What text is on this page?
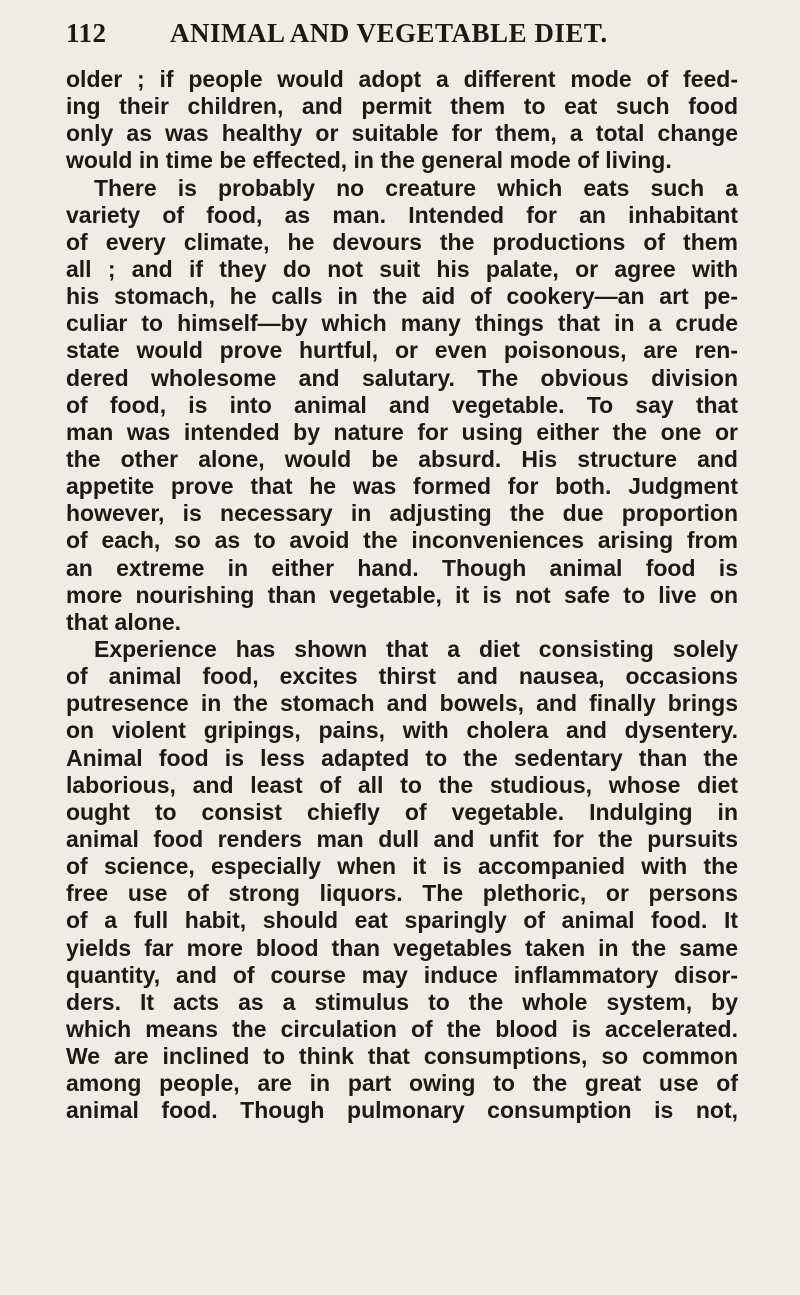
112 ANIMAL AND VEGETABLE DIET.
older ; if people would adopt a different mode of feed-
ing their children, and permit them to eat such food
only as was healthy or suitable for them, a total change
would in time be effected, in the general mode of living.
There is probably no creature which eats such a
variety of food, as man. Intended for an inhabitant
of every climate, he devours the productions of them
all ; and if they do not suit his palate, or agree with
his stomach, he calls in the aid of cookery—an art pe-
culiar to himself—by which many things that in a crude
state would prove hurtful, or even poisonous, are ren-
dered wholesome and salutary. The obvious division
of food, is into animal and vegetable. To say that
man was intended by nature for using either the one or
the other alone, would be absurd. His structure and
appetite prove that he was formed for both. Judgment
however, is necessary in adjusting the due proportion
of each, so as to avoid the inconveniences arising from
an extreme in either hand. Though animal food is
more nourishing than vegetable, it is not safe to live on
that alone.
Experience has shown that a diet consisting solely
of animal food, excites thirst and nausea, occasions
putresence in the stomach and bowels, and finally brings
on violent gripings, pains, with cholera and dysentery.
Animal food is less adapted to the sedentary than the
laborious, and least of all to the studious, whose diet
ought to consist chiefly of vegetable. Indulging in
animal food renders man dull and unfit for the pursuits
of science, especially when it is accompanied with the
free use of strong liquors. The plethoric, or persons
of a full habit, should eat sparingly of animal food. It
yields far more blood than vegetables taken in the same
quantity, and of course may induce inflammatory disor-
ders. It acts as a stimulus to the whole system, by
which means the circulation of the blood is accelerated.
We are inclined to think that consumptions, so common
among people, are in part owing to the great use of
animal food. Though pulmonary consumption is not,
